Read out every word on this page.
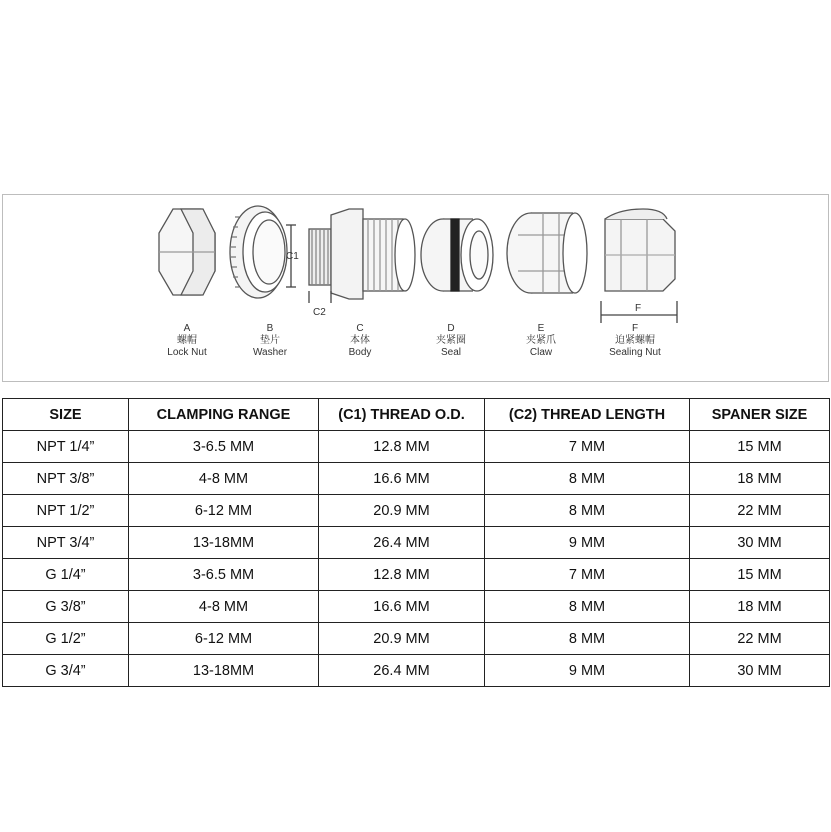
C1
C2	F
A
螺帽
Lock Nut
B
垫片
Washer
C
本体
Body
D
夹紧圈
Seal
E
夹紧爪
Claw
F
迫紧螺帽
Sealing Nut
SIZE	CLAMPING RANGE	(C1) THREAD O.D.	(C2) THREAD LENGTH	SPANER SIZE
NPT 1/4”	3-6.5 MM	12.8 MM	7 MM	15 MM
NPT 3/8”	4-8 MM	16.6 MM	8 MM	18 MM
NPT 1/2”	6-12 MM	20.9 MM	8 MM	22 MM
NPT 3/4”	13-18MM	26.4 MM	9 MM	30 MM
G 1/4”	3-6.5 MM	12.8 MM	7 MM	15 MM
G 3/8”	4-8 MM	16.6 MM	8 MM	18 MM
G 1/2”	6-12 MM	20.9 MM	8 MM	22 MM
G 3/4”	13-18MM	26.4 MM	9 MM	30 MM
